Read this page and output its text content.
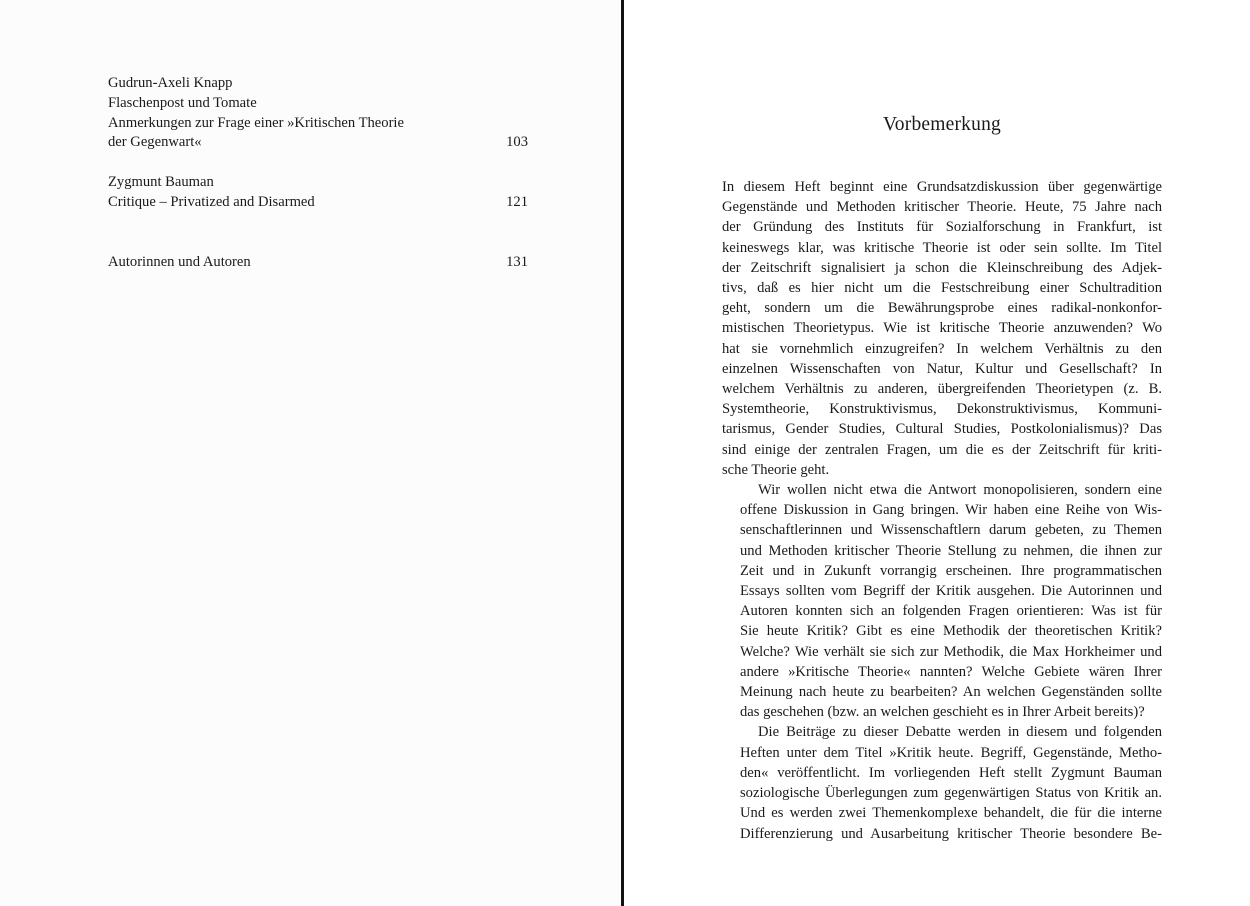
Gudrun-Axeli Knapp
Flaschenpost und Tomate
Anmerkungen zur Frage einer »Kritischen Theorie
der Gegenwart«	103
Zygmunt Bauman
Critique – Privatized and Disarmed	121
Autorinnen und Autoren	131
Vorbemerkung

In diesem Heft beginnt eine Grundsatzdiskussion über gegenwärtige
Gegenstände und Methoden kritischer Theorie. Heute, 75 Jahre nach
der Gründung des Instituts für Sozialforschung in Frankfurt, ist
keineswegs klar, was kritische Theorie ist oder sein sollte. Im Titel
der Zeitschrift signalisiert ja schon die Kleinschreibung des Adjek-
tivs, daß es hier nicht um die Festschreibung einer Schultradition
geht, sondern um die Bewährungsprobe eines radikal-nonkonfor-
mistischen Theorietypus. Wie ist kritische Theorie anzuwenden? Wo
hat sie vornehmlich einzugreifen? In welchem Verhältnis zu den
einzelnen Wissenschaften von Natur, Kultur und Gesellschaft? In
welchem Verhältnis zu anderen, übergreifenden Theorietypen (z. B.
Systemtheorie, Konstruktivismus, Dekonstruktivismus, Kommuni-
tarismus, Gender Studies, Cultural Studies, Postkolonialismus)? Das
sind einige der zentralen Fragen, um die es der Zeitschrift für kriti-
sche Theorie geht.

Wir wollen nicht etwa die Antwort monopolisieren, sondern eine
offene Diskussion in Gang bringen. Wir haben eine Reihe von Wis-
senschaftlerinnen und Wissenschaftlern darum gebeten, zu Themen
und Methoden kritischer Theorie Stellung zu nehmen, die ihnen zur
Zeit und in Zukunft vorrangig erscheinen. Ihre programmatischen
Essays sollten vom Begriff der Kritik ausgehen. Die Autorinnen und
Autoren konnten sich an folgenden Fragen orientieren: Was ist für
Sie heute Kritik? Gibt es eine Methodik der theoretischen Kritik?
Welche? Wie verhält sie sich zur Methodik, die Max Horkheimer und
andere »Kritische Theorie« nannten? Welche Gebiete wären Ihrer
Meinung nach heute zu bearbeiten? An welchen Gegenständen sollte
das geschehen (bzw. an welchen geschieht es in Ihrer Arbeit bereits)?

Die Beiträge zu dieser Debatte werden in diesem und folgenden
Heften unter dem Titel »Kritik heute. Begriff, Gegenstände, Metho-
den« veröffentlicht. Im vorliegenden Heft stellt Zygmunt Bauman
soziologische Überlegungen zum gegenwärtigen Status von Kritik an.
Und es werden zwei Themenkomplexe behandelt, die für die interne
Differenzierung und Ausarbeitung kritischer Theorie besondere Be-
